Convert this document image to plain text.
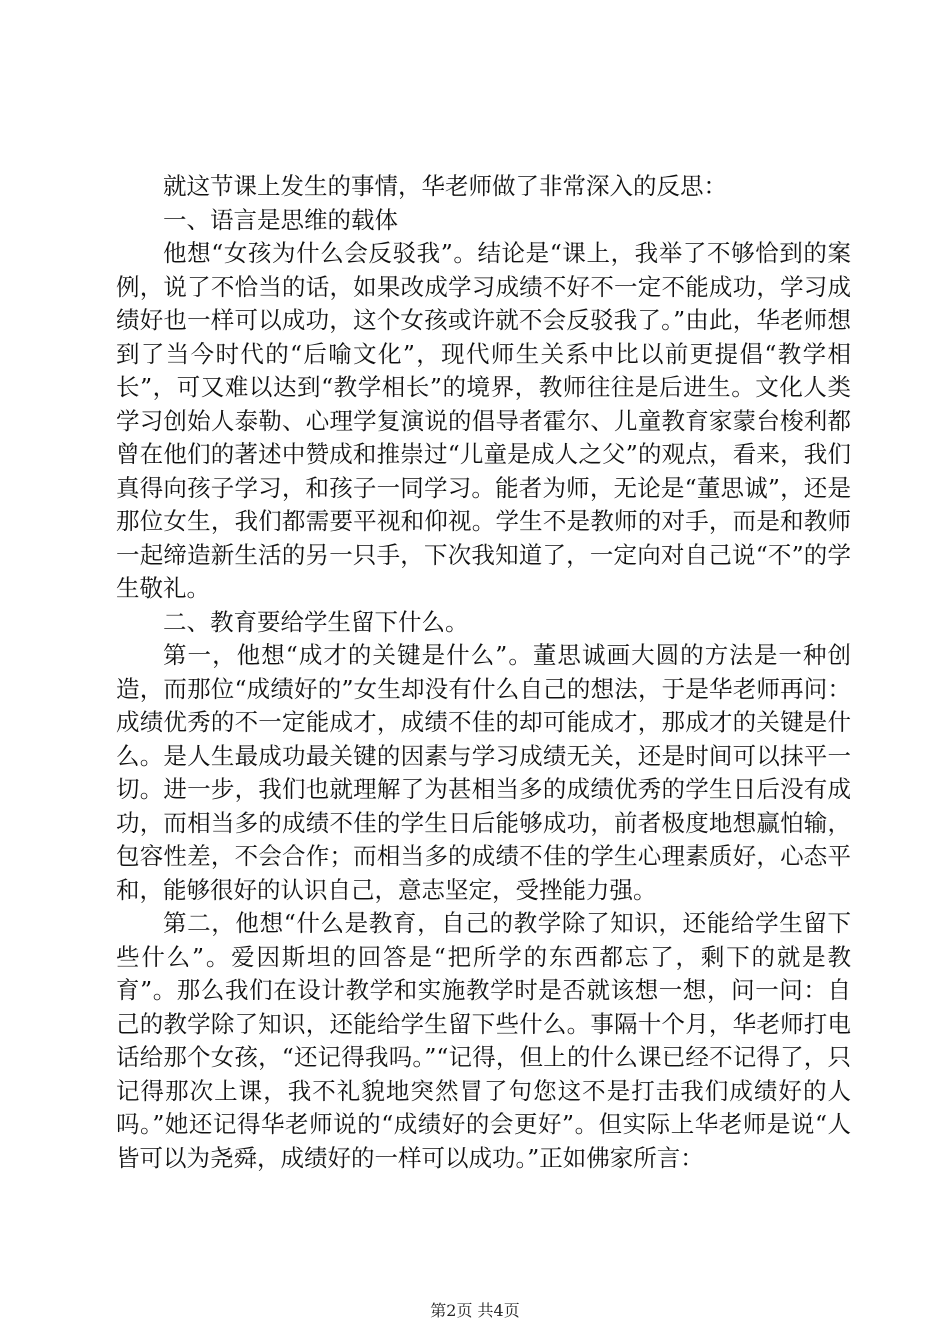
就这节课上发生的事情，华老师做了非常深入的反思：

一、语言是思维的载体

他想“女孩为什么会反驳我”。结论是“课上，我举了不够恰到的案例，说了不恰当的话，如果改成学习成绩不好不一定不能成功，学习成绩好也一样可以成功，这个女孩或许就不会反驳我了。”由此，华老师想到了当今时代的“后喻文化”，现代师生关系中比以前更提倡“教学相长”，可又难以达到“教学相长”的境界，教师往往是后进生。文化人类学习创始人泰勒、心理学复演说的倡导者霍尔、儿童教育家蒙台梭利都曾在他们的著述中赞成和推崇过“儿童是成人之父”的观点，看来，我们真得向孩子学习，和孩子一同学习。能者为师，无论是“董思诚”，还是那位女生，我们都需要平视和仰视。学生不是教师的对手，而是和教师一起缔造新生活的另一只手，下次我知道了，一定向对自己说“不”的学生敬礼。

二、教育要给学生留下什么。

第一，他想“成才的关键是什么”。董思诚画大圆的方法是一种创造，而那位“成绩好的”女生却没有什么自己的想法，于是华老师再问：成绩优秀的不一定能成才，成绩不佳的却可能成才，那成才的关键是什么。是人生最成功最关键的因素与学习成绩无关，还是时间可以抹平一切。进一步，我们也就理解了为甚相当多的成绩优秀的学生日后没有成功，而相当多的成绩不佳的学生日后能够成功，前者极度地想赢怕输，包容性差，不会合作；而相当多的成绩不佳的学生心理素质好，心态平和，能够很好的认识自己，意志坚定，受挫能力强。

第二，他想“什么是教育，自己的教学除了知识，还能给学生留下些什么”。爱因斯坦的回答是“把所学的东西都忘了，剩下的就是教育”。那么我们在设计教学和实施教学时是否就该想一想，问一问：自己的教学除了知识，还能给学生留下些什么。事隔十个月，华老师打电话给那个女孩，“还记得我吗。”“记得，但上的什么课已经不记得了，只记得那次上课，我不礼貌地突然冒了句您这不是打击我们成绩好的人吗。”她还记得华老师说的“成绩好的会更好”。但实际上华老师是说“人皆可以为尧舜，成绩好的一样可以成功。”正如佛家所言：

第2页 共4页
